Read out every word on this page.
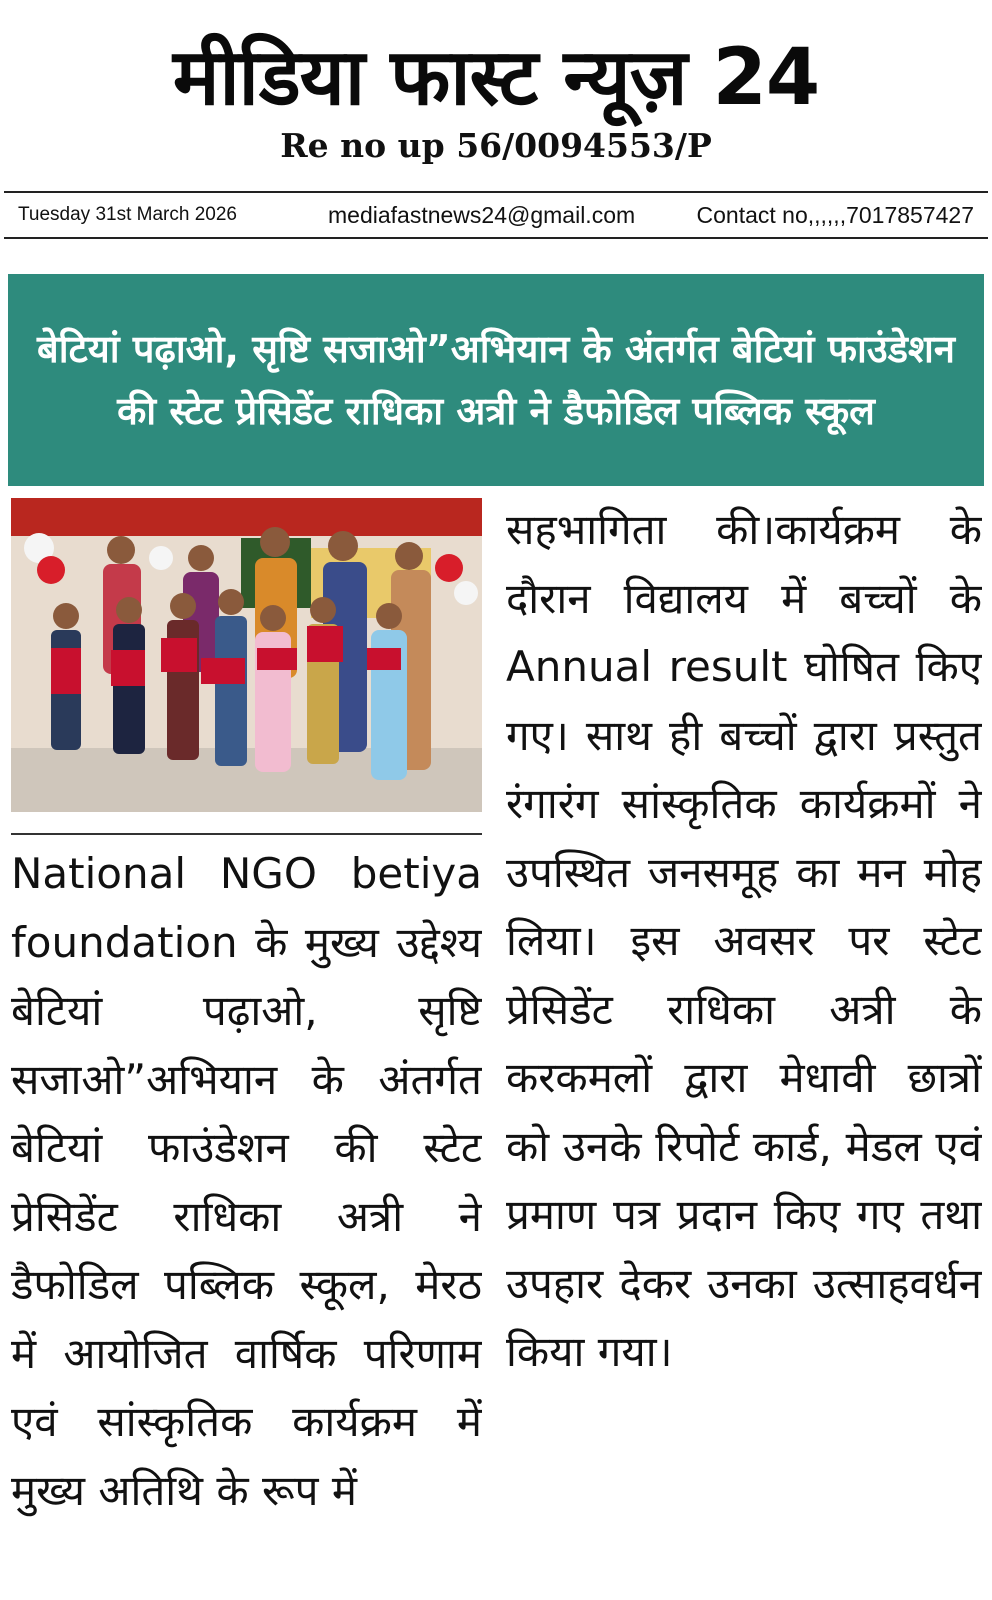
मीडिया फास्ट न्यूज़ 24
Re no up 56/0094553/P
Tuesday 31st March 2026	mediafastnews24@gmail.com	Contact no,,,,,,7017857427
बेटियां पढ़ाओ, सृष्टि सजाओ”अभियान के अंतर्गत बेटियां फाउंडेशन की स्टेट प्रेसिडेंट राधिका अत्री ने डैफोडिल पब्लिक स्कूल
National NGO betiya foundation के मुख्य उद्देश्य बेटियां पढ़ाओ, सृष्टि सजाओ”अभियान के अंतर्गत बेटियां फाउंडेशन की स्टेट प्रेसिडेंट राधिका अत्री ने डैफोडिल पब्लिक स्कूल, मेरठ में आयोजित वार्षिक परिणाम एवं सांस्कृतिक कार्यक्रम में मुख्य अतिथि के रूप में
सहभागिता की।कार्यक्रम के दौरान विद्यालय में बच्चों के Annual result घोषित किए गए। साथ ही बच्चों द्वारा प्रस्तुत रंगारंग सांस्कृतिक कार्यक्रमों ने उपस्थित जनसमूह का मन मोह लिया। इस अवसर पर स्टेट प्रेसिडेंट राधिका अत्री के करकमलों द्वारा मेधावी छात्रों को उनके रिपोर्ट कार्ड, मेडल एवं प्रमाण पत्र प्रदान किए गए तथा उपहार देकर उनका उत्साहवर्धन किया गया।
